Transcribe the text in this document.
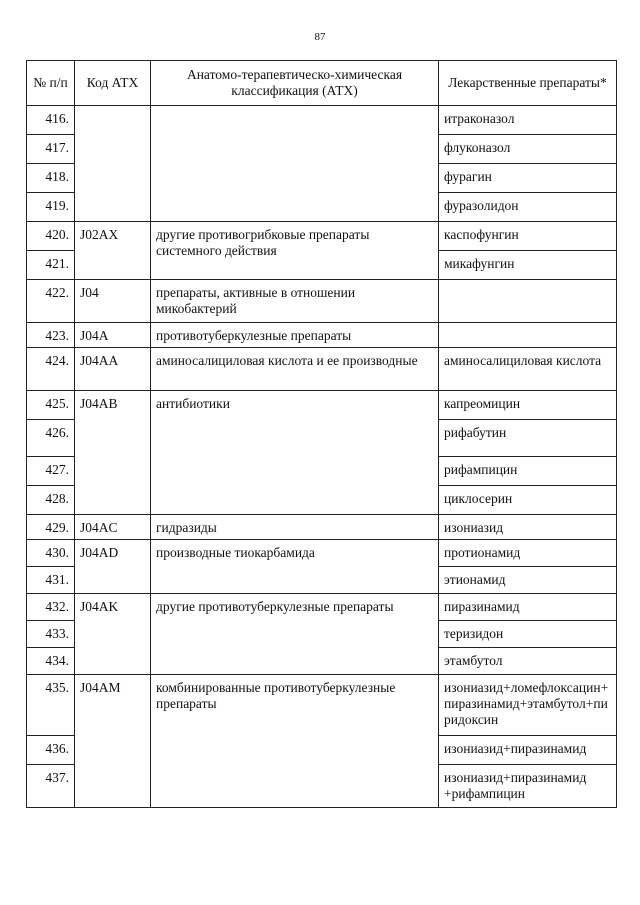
87
№ п/п	Код АТХ	Анатомо-терапевтическо-химическая классификация (АТХ)	Лекарственные препараты*
416.			итраконазол
417.			флуконазол
418.			фурагин
419.			фуразолидон
420.	J02AX	другие противогрибковые препараты системного действия	каспофунгин
421.			микафунгин
422.	J04	препараты, активные в отношении микобактерий	
423.	J04A	противотуберкулезные препараты	
424.	J04AA	аминосалициловая кислота и ее производные	аминосалициловая кислота
425.	J04AB	антибиотики	капреомицин
426.			рифабутин
427.			рифампицин
428.			циклосерин
429.	J04AC	гидразиды	изониазид
430.	J04AD	производные тиокарбамида	протионамид
431.			этионамид
432.	J04AK	другие противотуберкулезные препараты	пиразинамид
433.			теризидон
434.			этамбутол
435.	J04AM	комбинированные противотуберкулезные препараты	изониазид+ломефлоксацин+пиразинамид+этамбутол+пиридоксин
436.			изониазид+пиразинамид
437.			изониазид+пиразинамид +рифампицин
